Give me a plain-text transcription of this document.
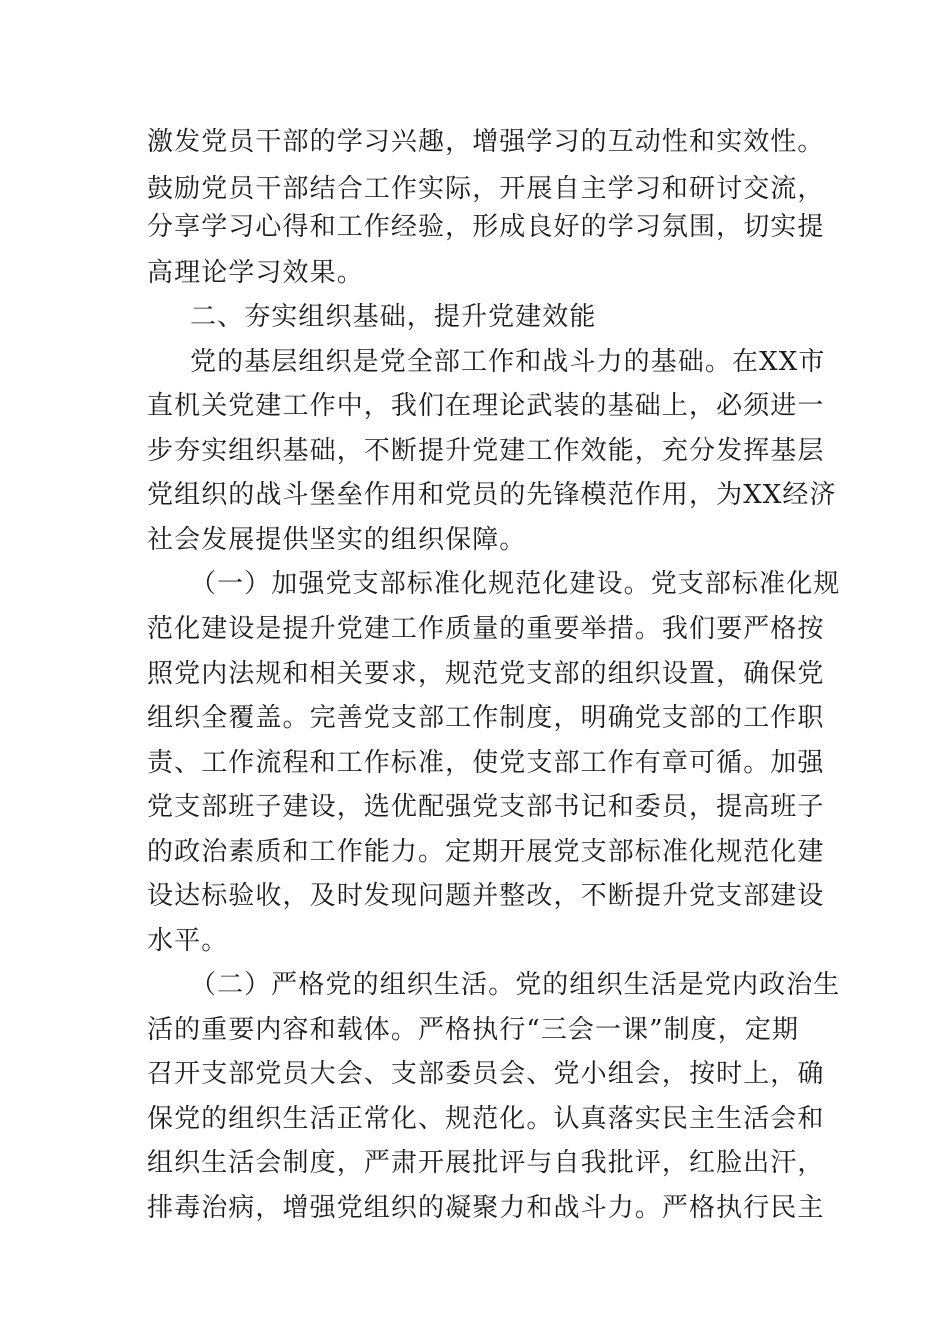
激发党员干部的学习兴趣，增强学习的互动性和实效性。
鼓励党员干部结合工作实际，开展自主学习和研讨交流，
分享学习心得和工作经验，形成良好的学习氛围，切实提
高理论学习效果。
二、夯实组织基础，提升党建效能
党的基层组织是党全部工作和战斗力的基础。在XX市
直机关党建工作中，我们在理论武装的基础上，必须进一
步夯实组织基础，不断提升党建工作效能，充分发挥基层
党组织的战斗堡垒作用和党员的先锋模范作用，为XX经济
社会发展提供坚实的组织保障。
（一）加强党支部标准化规范化建设。党支部标准化规
范化建设是提升党建工作质量的重要举措。我们要严格按
照党内法规和相关要求，规范党支部的组织设置，确保党
组织全覆盖。完善党支部工作制度，明确党支部的工作职
责、工作流程和工作标准，使党支部工作有章可循。加强
党支部班子建设，选优配强党支部书记和委员，提高班子
的政治素质和工作能力。定期开展党支部标准化规范化建
设达标验收，及时发现问题并整改，不断提升党支部建设
水平。
（二）严格党的组织生活。党的组织生活是党内政治生
活的重要内容和载体。严格执行“三会一课”制度，定期
召开支部党员大会、支部委员会、党小组会，按时上，确
保党的组织生活正常化、规范化。认真落实民主生活会和
组织生活会制度，严肃开展批评与自我批评，红脸出汗，
排毒治病，增强党组织的凝聚力和战斗力。严格执行民主
